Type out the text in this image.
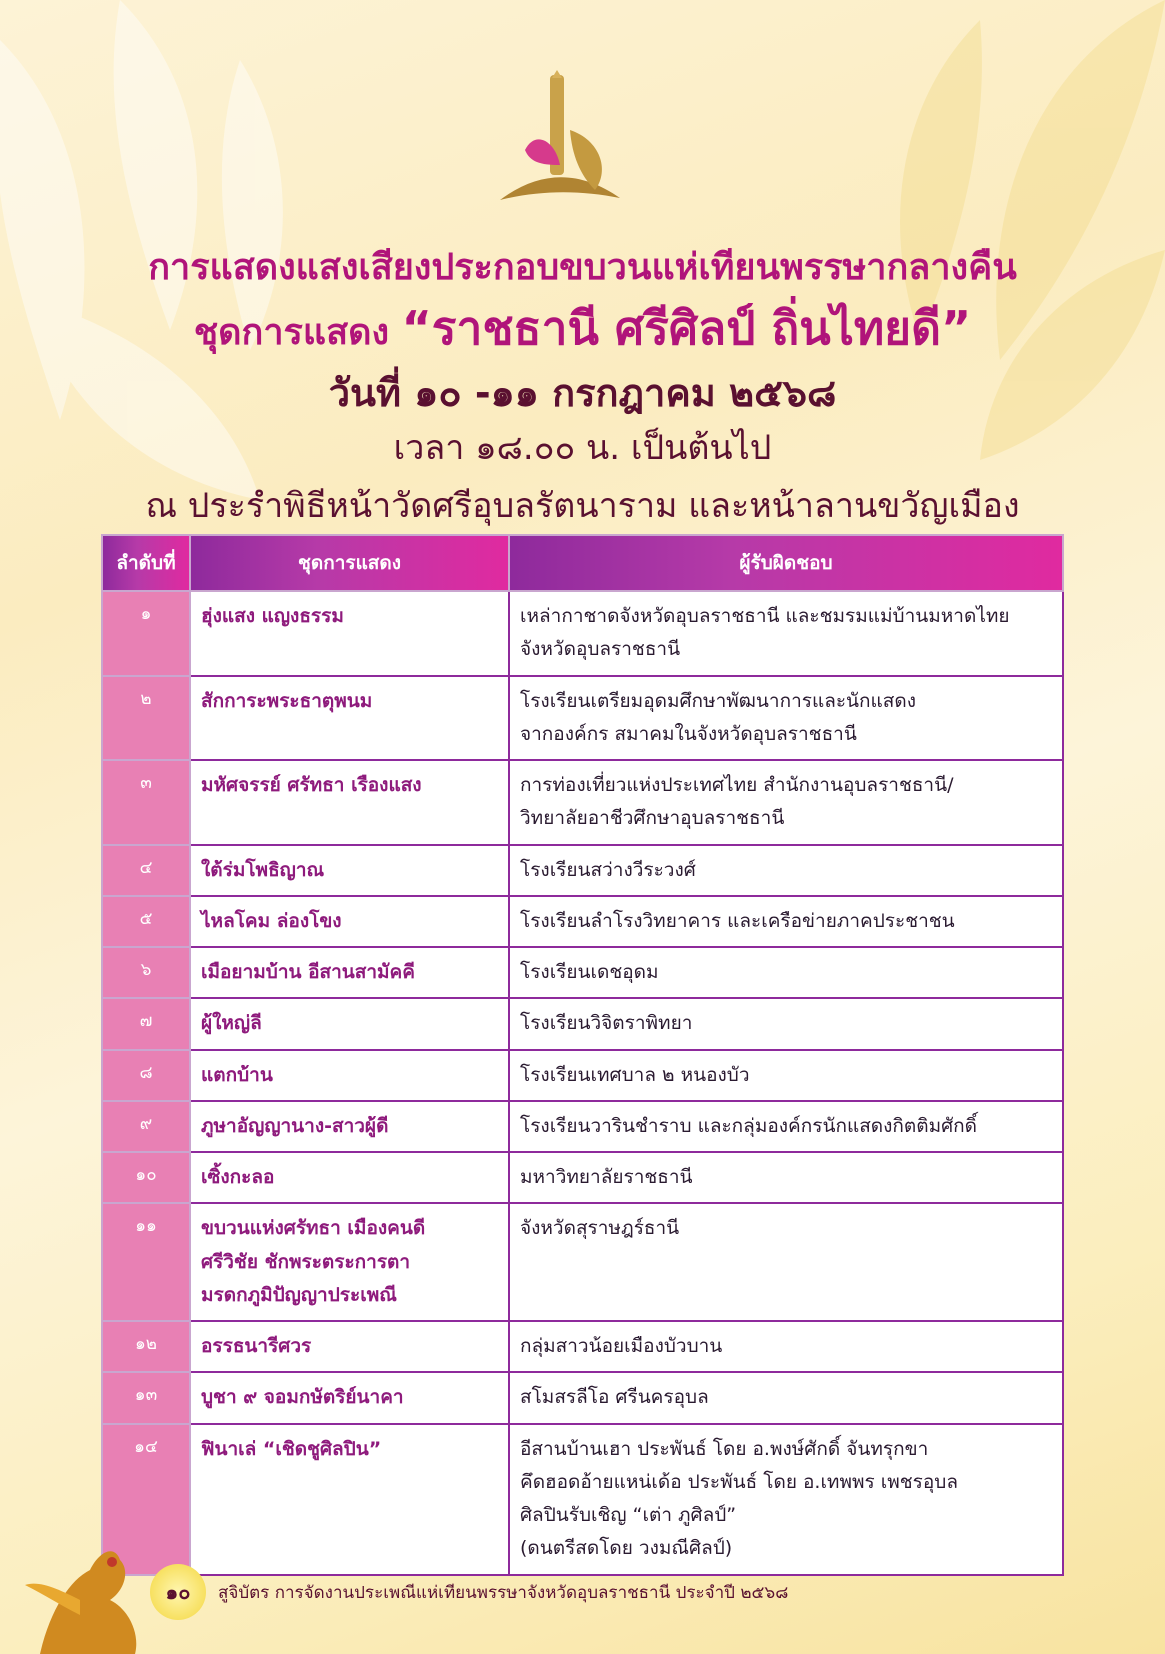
การแสดงแสงเสียงประกอบขบวนแห่เทียนพรรษากลางคืน
ชุดการแสดง “ราชธานี ศรีศิลป์ ถิ่นไทยดี”
วันที่ ๑๐ -๑๑ กรกฎาคม ๒๕๖๘
เวลา ๑๘.๐๐ น. เป็นต้นไป
ณ ประรำพิธีหน้าวัดศรีอุบลรัตนาราม และหน้าลานขวัญเมือง
ลำดับที่	ชุดการแสดง	ผู้รับผิดชอบ
๑	ฮุ่งแสง แญงธรรม	เหล่ากาชาดจังหวัดอุบลราชธานี และชมรมแม่บ้านมหาดไทย
จังหวัดอุบลราชธานี

๒	สักการะพระธาตุพนม	โรงเรียนเตรียมอุดมศึกษาพัฒนาการและนักแสดง
จากองค์กร สมาคมในจังหวัดอุบลราชธานี

๓	มหัศจรรย์ ศรัทธา เรืองแสง	การท่องเที่ยวแห่งประเทศไทย สำนักงานอุบลราชธานี/
วิทยาลัยอาชีวศึกษาอุบลราชธานี

๔	ใต้ร่มโพธิญาณ	โรงเรียนสว่างวีระวงศ์

๕	ไหลโคม ล่องโขง	โรงเรียนลำโรงวิทยาคาร และเครือข่ายภาคประชาชน

๖	เมือยามบ้าน อีสานสามัคคี	โรงเรียนเดชอุดม

๗	ผู้ใหญ่ลี	โรงเรียนวิจิตราพิทยา

๘	แตกบ้าน	โรงเรียนเทศบาล ๒ หนองบัว

๙	ภูษาอัญญานาง-สาวผู้ดี	โรงเรียนวารินชำราบ และกลุ่มองค์กรนักแสดงกิตติมศักดิ์

๑๐	เซิ้งกะลอ	มหาวิทยาลัยราชธานี

๑๑	ขบวนแห่งศรัทธา เมืองคนดี
ศรีวิชัย ชักพระตระการตา
มรดกภูมิปัญญาประเพณี	จังหวัดสุราษฎร์ธานี

๑๒	อรรธนารีศวร	กลุ่มสาวน้อยเมืองบัวบาน

๑๓	บูชา ๙ จอมกษัตริย์นาคา	สโมสรลีโอ ศรีนครอุบล

๑๔	ฟินาเล่ “เชิดชูศิลปิน”	อีสานบ้านเฮา ประพันธ์ โดย อ.พงษ์ศักดิ์ จันทรุกขา
คึดฮอดอ้ายแหน่เด้อ ประพันธ์ โดย อ.เทพพร เพชรอุบล
ศิลปินรับเชิญ “เต่า ภูศิลป์”
(ดนตรีสดโดย วงมณีศิลป์)
๑๐	สูจิบัตร การจัดงานประเพณีแห่เทียนพรรษาจังหวัดอุบลราชธานี ประจำปี ๒๕๖๘
